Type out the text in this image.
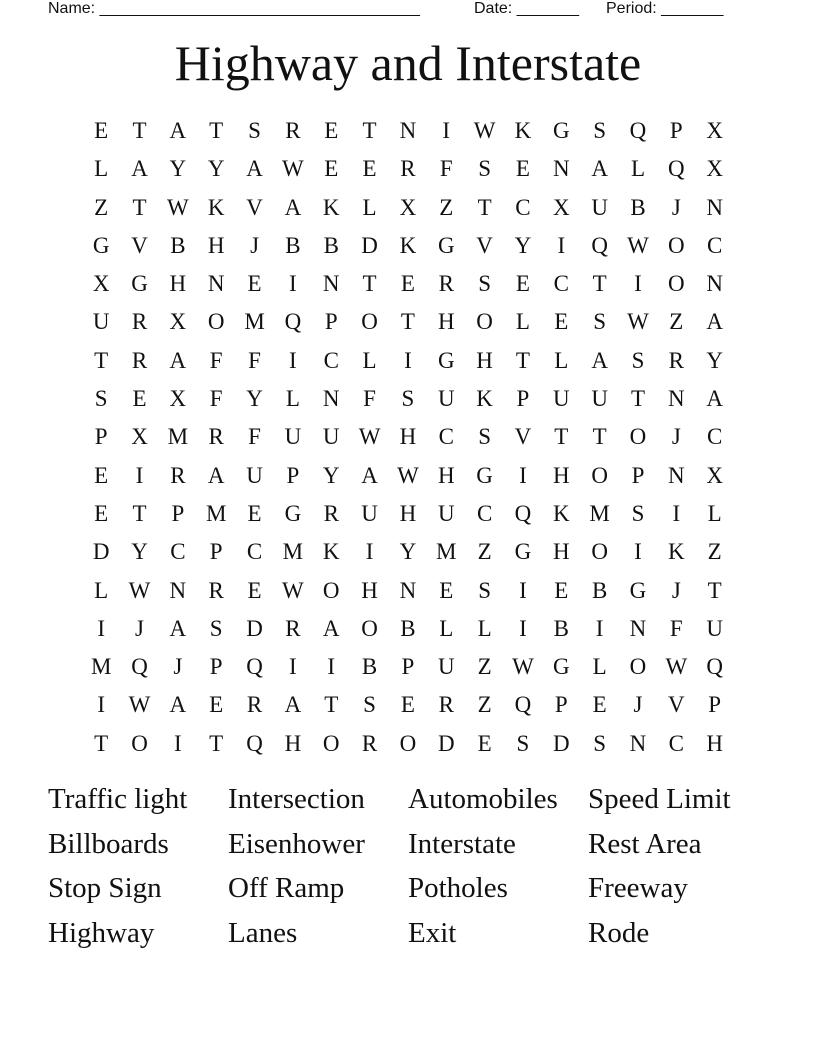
Name: ____________________________________	Date: _______ Period: _______
Highway and Interstate
E	T	A	T	S	R	E	T	N	I	W K G	S	Q	P	X
L	A Y Y A W E	E	R	F	S	E	N A	L	Q X
Z	T W K V A K	L	X	Z	T	C X U B	J	N
G V B H	J	B	B D K G V Y	I	Q W O C
X G H N	E	I	N	T	E	R	S	E	C	T	I	O N
U R X O M Q	P	O	T	H O	L	E	S W Z	A
T	R A	F	F	I	C	L	I	G H	T	L	A	S	R Y
S	E	X	F	Y	L	N	F	S	U K	P	U U	T	N A
P	X M R	F	U U W H C	S	V	T	T	O	J	C
E	I	R A U	P	Y A W H G	I	H O	P	N X
E	T	P M E	G R U H U C Q K M S	I	L
D Y C	P	C M K	I	Y M Z	G H O	I	K	Z
L W N R	E W O H N	E	S	I	E	B G	J	T
I	J	A	S	D R A O B	L	L	I	B	I	N	F	U
M Q	J	P	Q	I	I	B	P	U	Z W G	L	O W Q
I	W A	E	R A	T	S	E	R	Z	Q	P	E	J	V	P
T	O	I	T	Q H O R O D	E	S	D	S	N C H
Traffic light	Intersection	Automobiles	Speed Limit
Billboards	Eisenhower	Interstate	Rest Area
Stop Sign	Off Ramp	Potholes	Freeway
Highway	Lanes	Exit	Rode
